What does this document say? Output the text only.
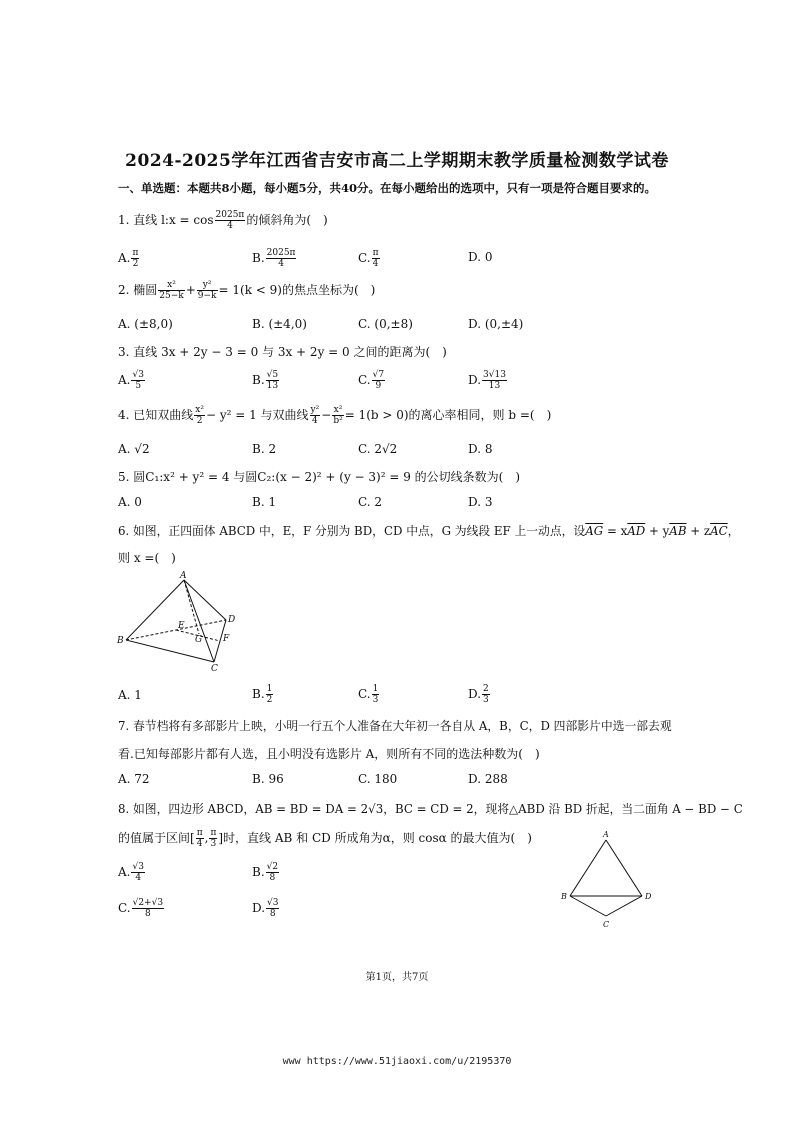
2024-2025学年江西省吉安市高二上学期期末教学质量检测数学试卷
一、单选题：本题共8小题，每小题5分，共40分。在每小题给出的选项中，只有一项是符合题目要求的。
1. 直线 l:x = $\cos \frac{2025\pi}{4}$ 的倾斜角为(　)
A. $\frac{\pi}{2}$	B. $\frac{2025\pi}{4}$	C. $\frac{\pi}{4}$	D. 0
2. 椭圆 $\frac{\text{x²}}{25-k} + \frac{\text{y²}}{9-k} = 1(k < 9)$的焦点坐标为(　)
A. (±8,0)	B. (±4,0)	C. (0,±8)	D. (0,±4)
3. 直线 3x + 2y − 3 = 0 与 3x + 2y = 0 之间的距离为(　)
A. $\frac{√3}{5}$	B. $\frac{√5}{13}$	C. $\frac{√7}{9}$	D. $\frac{3√13}{13}$
4. 已知双曲线 $\frac{\text{x²}}{2} - y^2 = 1$ 与双曲线 $\frac{\text{y²}}{4} - \frac{\text{x²}}{\text{b²}} = 1(b > 0)$的离心率相同，则 b =(　)
A. √2	B. 2	C. 2√2	D. 8
5. 圆C₁:x² + y² = 4 与圆C₂:(x − 2)² + (y − 3)² = 9 的公切线条数为(　)
A. 0	B. 1	C. 2	D. 3
6. 如图，正四面体 ABCD 中，E，F 分别为 BD，CD 中点，G 为线段 EF 上一动点，设$\overline{AG} = x\overline{AD} + y\overline{AB} + z\overline{AC}$，
则 x =(　)
A
B
C
D
E
F
G
A. 1	B. $\frac{1}{2}$	C. $\frac{1}{3}$	D. $\frac{2}{3}$
7. 春节档将有多部影片上映，小明一行五个人准备在大年初一各自从 A，B，C，D 四部影片中选一部去观
看.已知每部影片都有人选，且小明没有选影片 A，则所有不同的选法种数为(　)
A. 72	B. 96	C. 180	D. 288
8. 如图，四边形 ABCD，AB = BD = DA = 2√3，BC = CD = 2，现将△ABD 沿 BD 折起，当二面角 A − BD − C
的值属于区间[ $\frac{\pi}{4}$ , $\frac{\pi}{3}$ ]时，直线 AB 和 CD 所成角为α，则 cosα 的最大值为(　)
A. $\frac{√3}{4}$	B. $\frac{√2}{8}$
C. $\frac{√2+√3}{8}$	D. $\frac{√3}{8}$
A
B
C
D
第1页，共7页
www https://www.51jiaoxi.com/u/2195370
